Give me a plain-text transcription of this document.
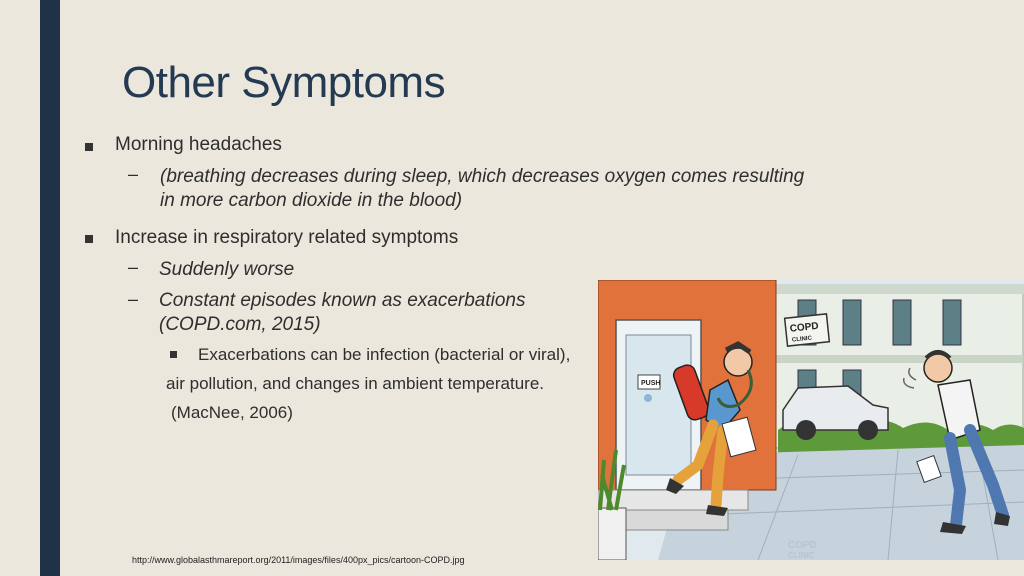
Other Symptoms
Morning headaches
– (breathing decreases during sleep, which decreases oxygen comes resulting
in more carbon dioxide in the blood)
Increase in respiratory related symptoms
– Suddenly worse
– Constant episodes known as exacerbations
(COPD.com, 2015)
Exacerbations can be infection (bacterial or viral),
air pollution, and changes in ambient temperature.
(MacNee, 2006)
http://www.globalasthmareport.org/2011/images/files/400px_pics/cartoon-COPD.jpg
COPD
CLINIC
PUSH
COPD
CLINIC
